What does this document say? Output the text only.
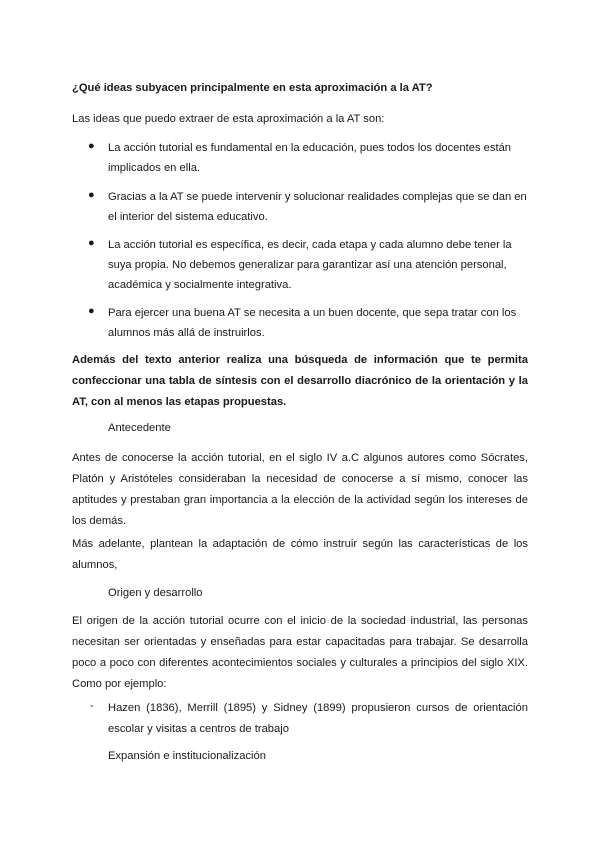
¿Qué ideas subyacen principalmente en esta aproximación a la AT?

Las ideas que puedo extraer de esta aproximación a la AT son:

● La acción tutorial es fundamental en la educación, pues todos los docentes están implicados en ella.

● Gracias a la AT se puede intervenir y solucionar realidades complejas que se dan en el interior del sistema educativo.

● La acción tutorial es específica, es decir, cada etapa y cada alumno debe tener la suya propia. No debemos generalizar para garantizar así una atención personal, académica y socialmente integrativa.

● Para ejercer una buena AT se necesita a un buen docente, que sepa tratar con los alumnos más allá de instruirlos.

Además del texto anterior realiza una búsqueda de información que te permita confeccionar una tabla de síntesis con el desarrollo diacrónico de la orientación y la AT, con al menos las etapas propuestas.

Antecedente

Antes de conocerse la acción tutorial, en el siglo IV a.C algunos autores como Sócrates, Platón y Aristóteles consideraban la necesidad de conocerse a sí mismo, conocer las aptitudes y prestaban gran importancia a la elección de la actividad según los intereses de los demás.

Más adelante, plantean la adaptación de cómo instruir según las características de los alumnos,

Origen y desarrollo

El origen de la acción tutorial ocurre con el inicio de la sociedad industrial, las personas necesitan ser orientadas y enseñadas para estar capacitadas para trabajar. Se desarrolla poco a poco con diferentes acontecimientos sociales y culturales a principios del siglo XIX. Como por ejemplo:

- Hazen (1836), Merrill (1895) y Sidney (1899) propusieron cursos de orientación escolar y visitas a centros de trabajo

Expansión e institucionalización
